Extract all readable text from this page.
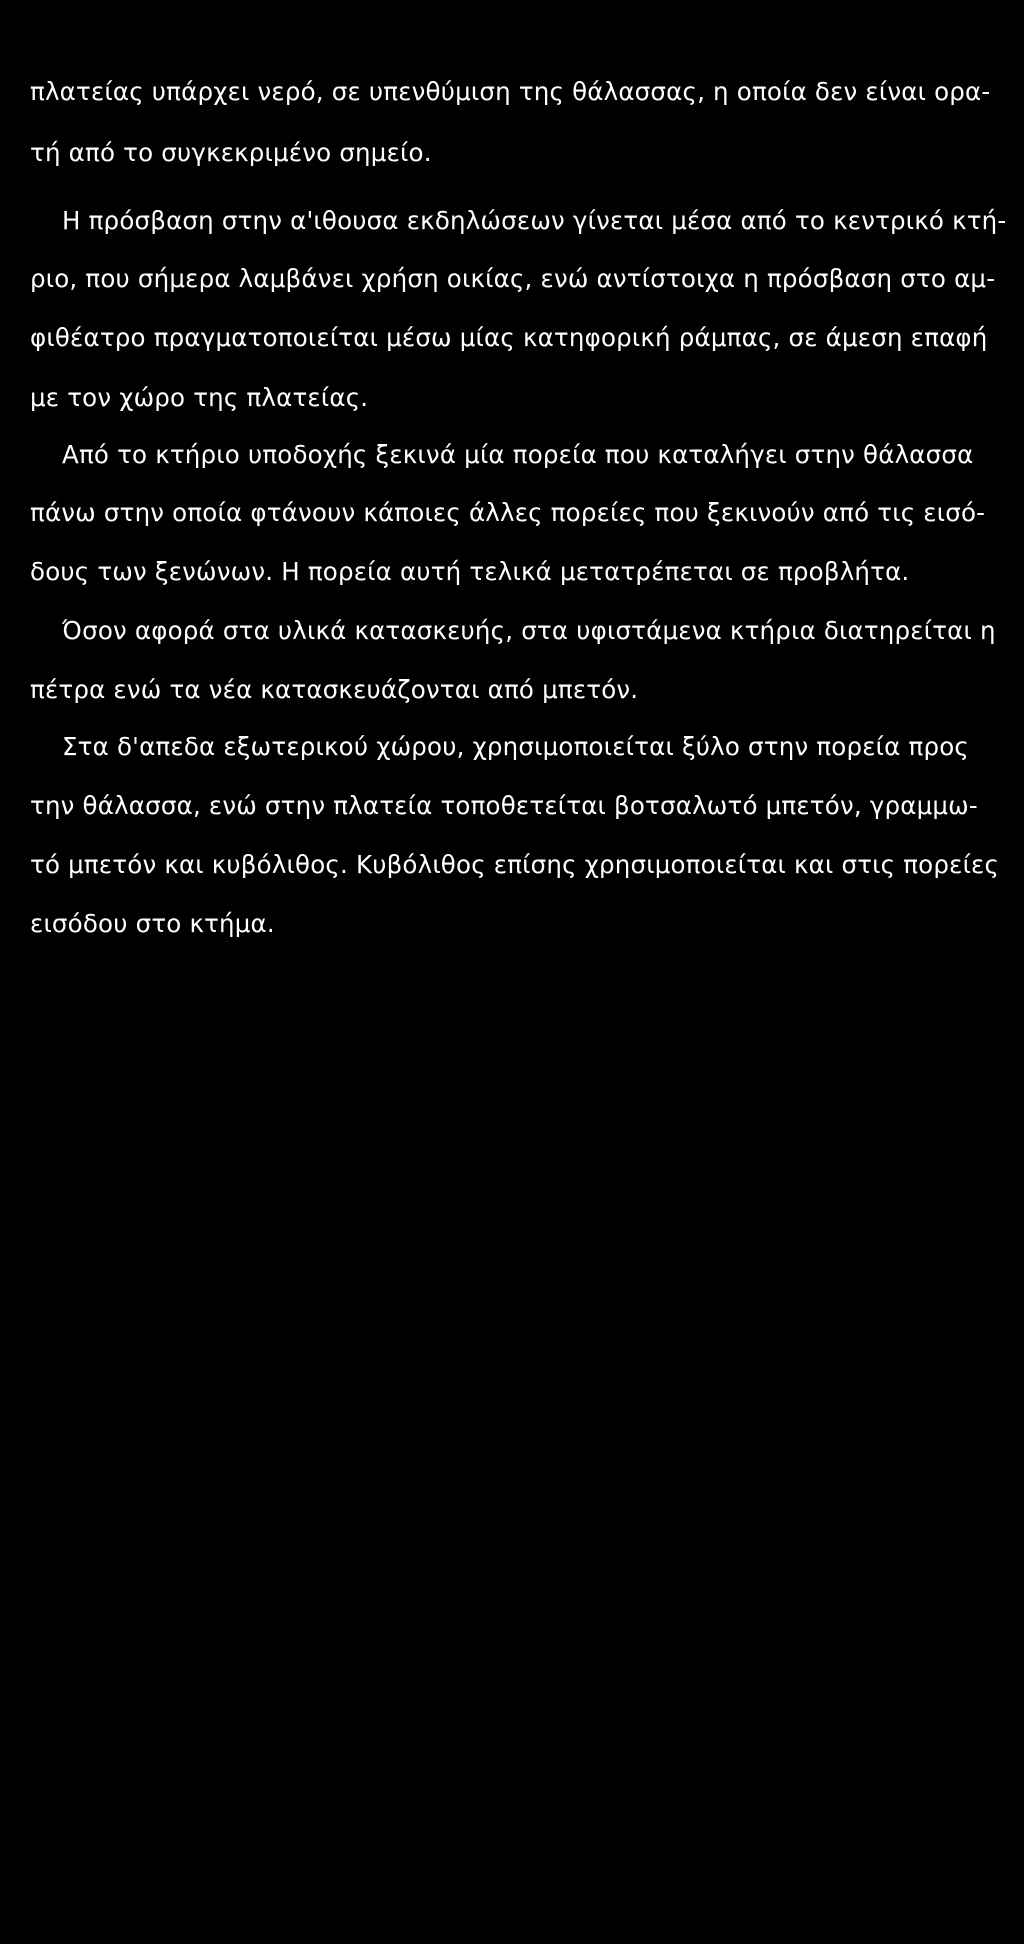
πλατείας υπάρχει νερό, σε υπενθύμιση της θάλασσας, η οποία δεν είναι ορα-
τή από το συγκεκριμένο σημείο.
Η πρόσβαση στην α'ιθουσα εκδηλώσεων γίνεται μέσα από το κεντρικό κτή-
ριο, που σήμερα λαμβάνει χρήση οικίας, ενώ αντίστοιχα η πρόσβαση στο αμ-
φιθέατρο πραγματοποιείται μέσω μίας κατηφορική ράμπας, σε άμεση επαφή
με τον χώρο της πλατείας.
Από το κτήριο υποδοχής ξεκινά μία πορεία που καταλήγει στην θάλασσα
πάνω στην οποία φτάνουν κάποιες άλλες πορείες που ξεκινούν από τις εισό-
δους των ξενώνων. Η πορεία αυτή τελικά μετατρέπεται σε προβλήτα.
Όσον αφορά στα υλικά κατασκευής, στα υφιστάμενα κτήρια διατηρείται η
πέτρα ενώ τα νέα κατασκευάζονται από μπετόν.
Στα δ'απεδα εξωτερικού χώρου, χρησιμοποιείται ξύλο στην πορεία προς
την θάλασσα, ενώ στην πλατεία τοποθετείται βοτσαλωτό μπετόν, γραμμω-
τό μπετόν και κυβόλιθος. Κυβόλιθος επίσης χρησιμοποιείται και στις πορείες
εισόδου στο κτήμα.
